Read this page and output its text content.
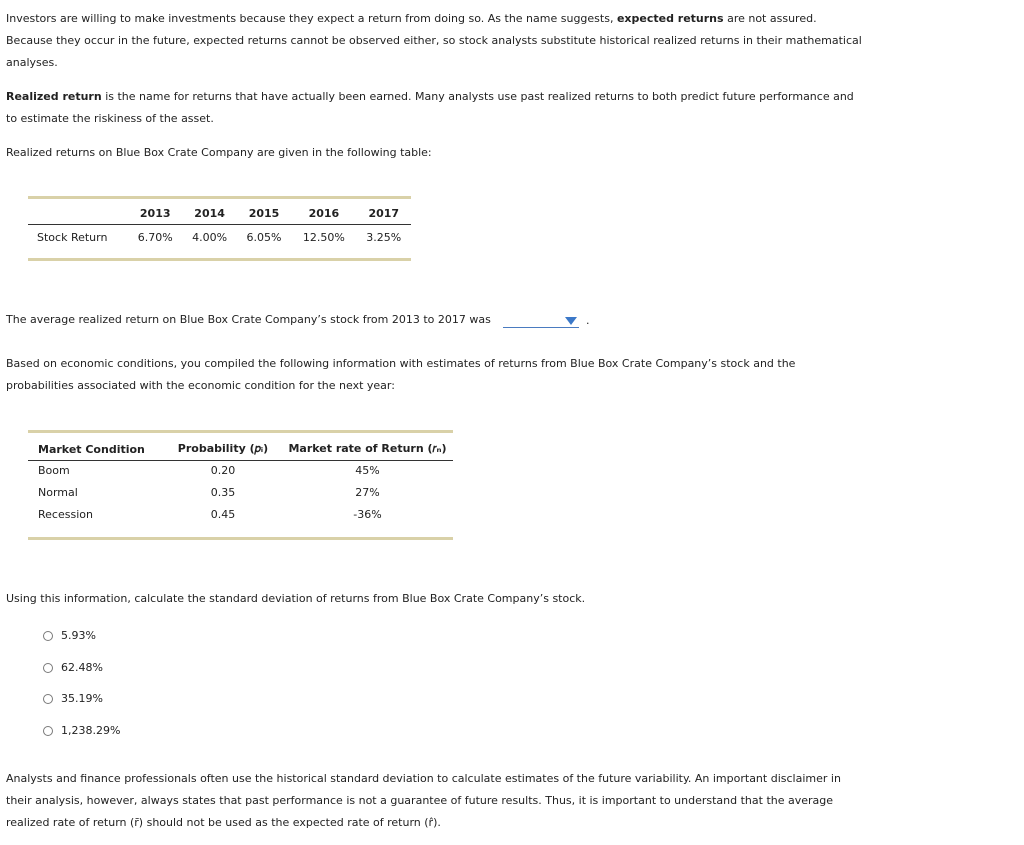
Investors are willing to make investments because they expect a return from doing so. As the name suggests, expected returns are not assured. Because they occur in the future, expected returns cannot be observed either, so stock analysts substitute historical realized returns in their mathematical analyses.

Realized return is the name for returns that have actually been earned. Many analysts use past realized returns to both predict future performance and to estimate the riskiness of the asset.

Realized returns on Blue Box Crate Company are given in the following table:

	2013	2014	2015	2016	2017
Stock Return	6.70%	4.00%	6.05%	12.50%	3.25%

The average realized return on Blue Box Crate Company’s stock from 2013 to 2017 was	.

Based on economic conditions, you compiled the following information with estimates of returns from Blue Box Crate Company’s stock and the probabilities associated with the economic condition for the next year:

Market Condition	Probability (𝑝ᵢ)	Market rate of Return (𝑟ₙ)
Boom	0.20	45%
Normal	0.35	27%
Recession	0.45	-36%

Using this information, calculate the standard deviation of returns from Blue Box Crate Company’s stock.

5.93%
62.48%
35.19%
1,238.29%

Analysts and finance professionals often use the historical standard deviation to calculate estimates of the future variability. An important disclaimer in their analysis, however, always states that past performance is not a guarantee of future results. Thus, it is important to understand that the average realized rate of return (r̄) should not be used as the expected rate of return (r̂).
